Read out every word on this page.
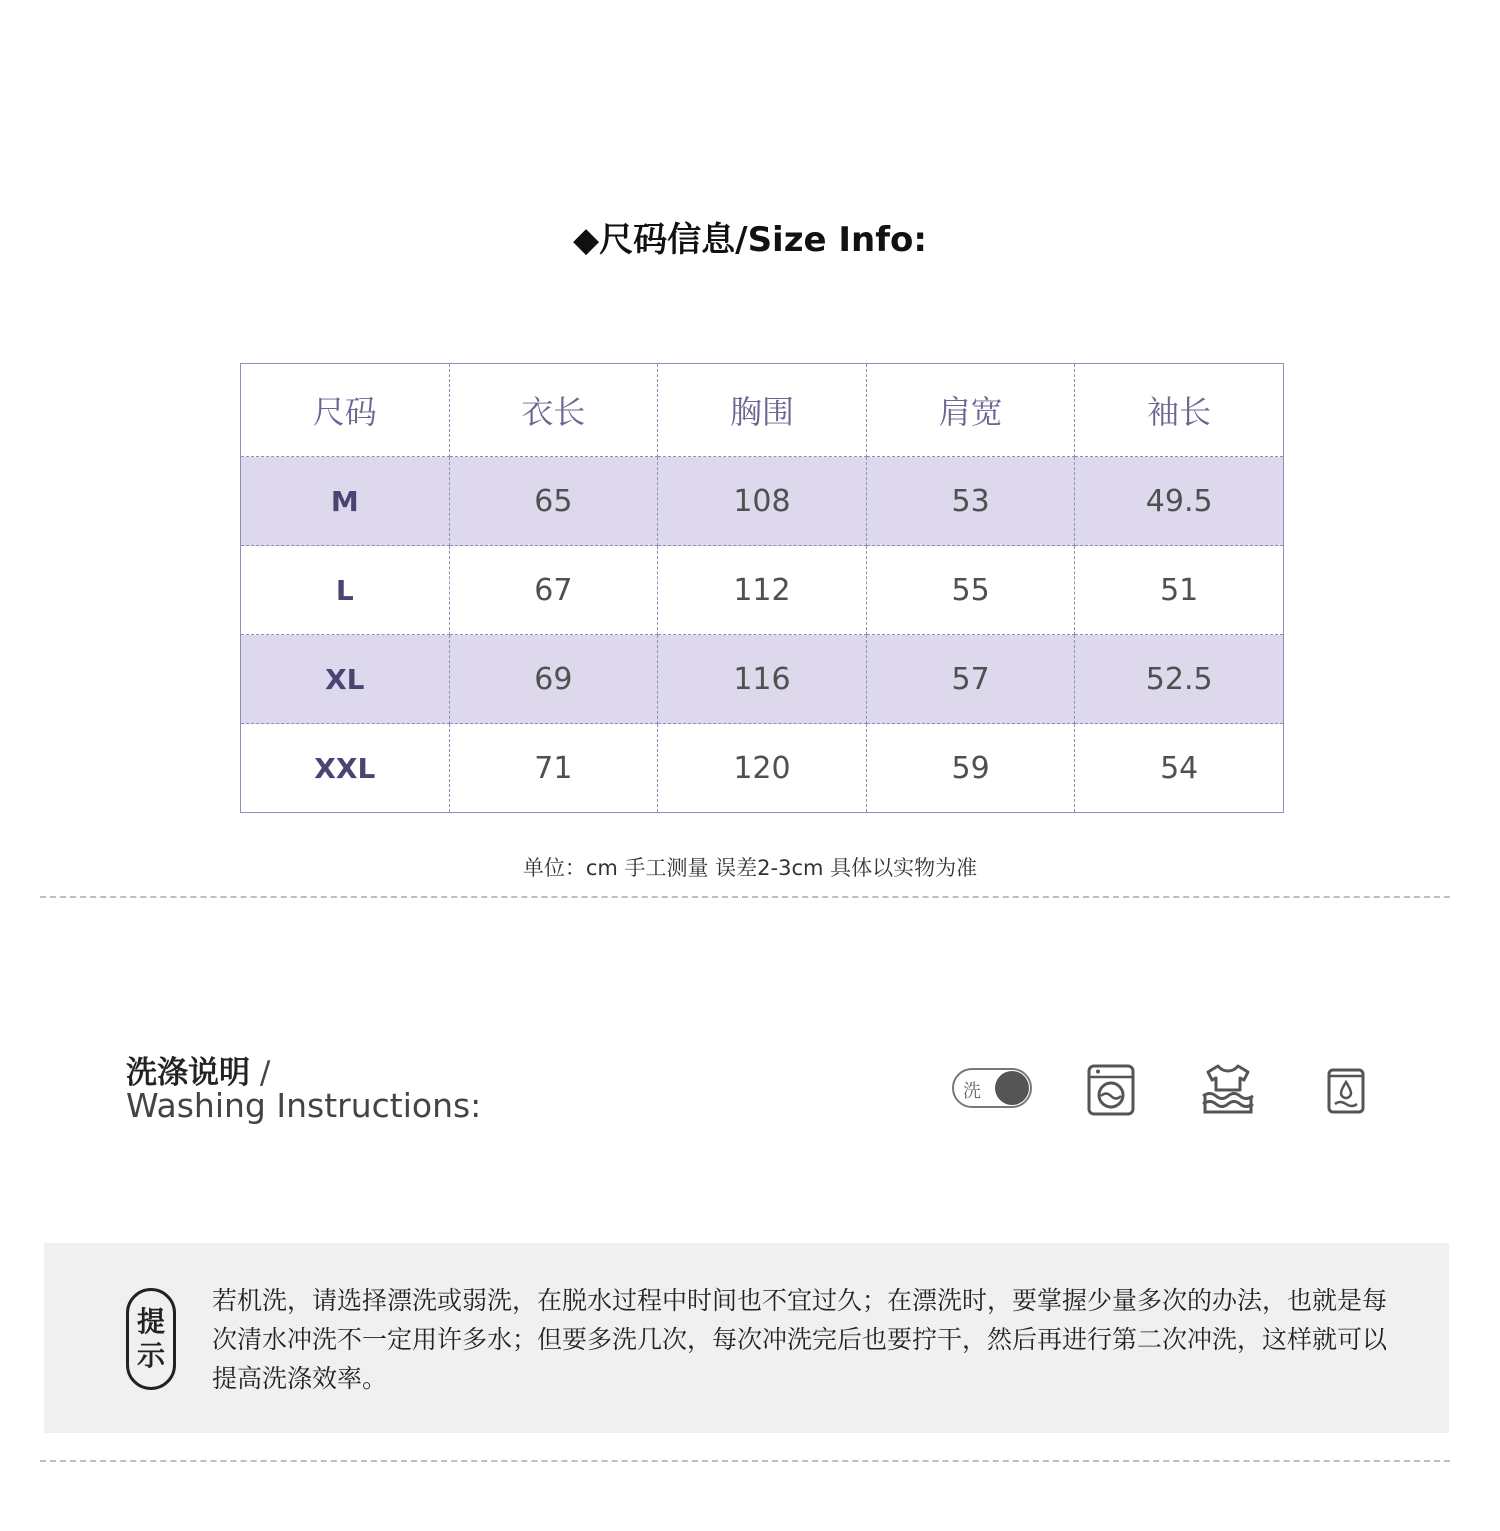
◆尺码信息/Size Info:
尺码	衣长	胸围	肩宽	袖长
M	65	108	53	49.5
L	67	112	55	51
XL	69	116	57	52.5
XXL	71	120	59	54
单位：cm 手工测量 误差2-3cm 具体以实物为准
洗涤说明 /
Washing Instructions:	洗
提
示
若机洗，请选择漂洗或弱洗，在脱水过程中时间也不宜过久；在漂洗时，要掌握少量多次的办法，也就是每
次清水冲洗不一定用许多水；但要多洗几次，每次冲洗完后也要拧干，然后再进行第二次冲洗，这样就可以
提高洗涤效率。
